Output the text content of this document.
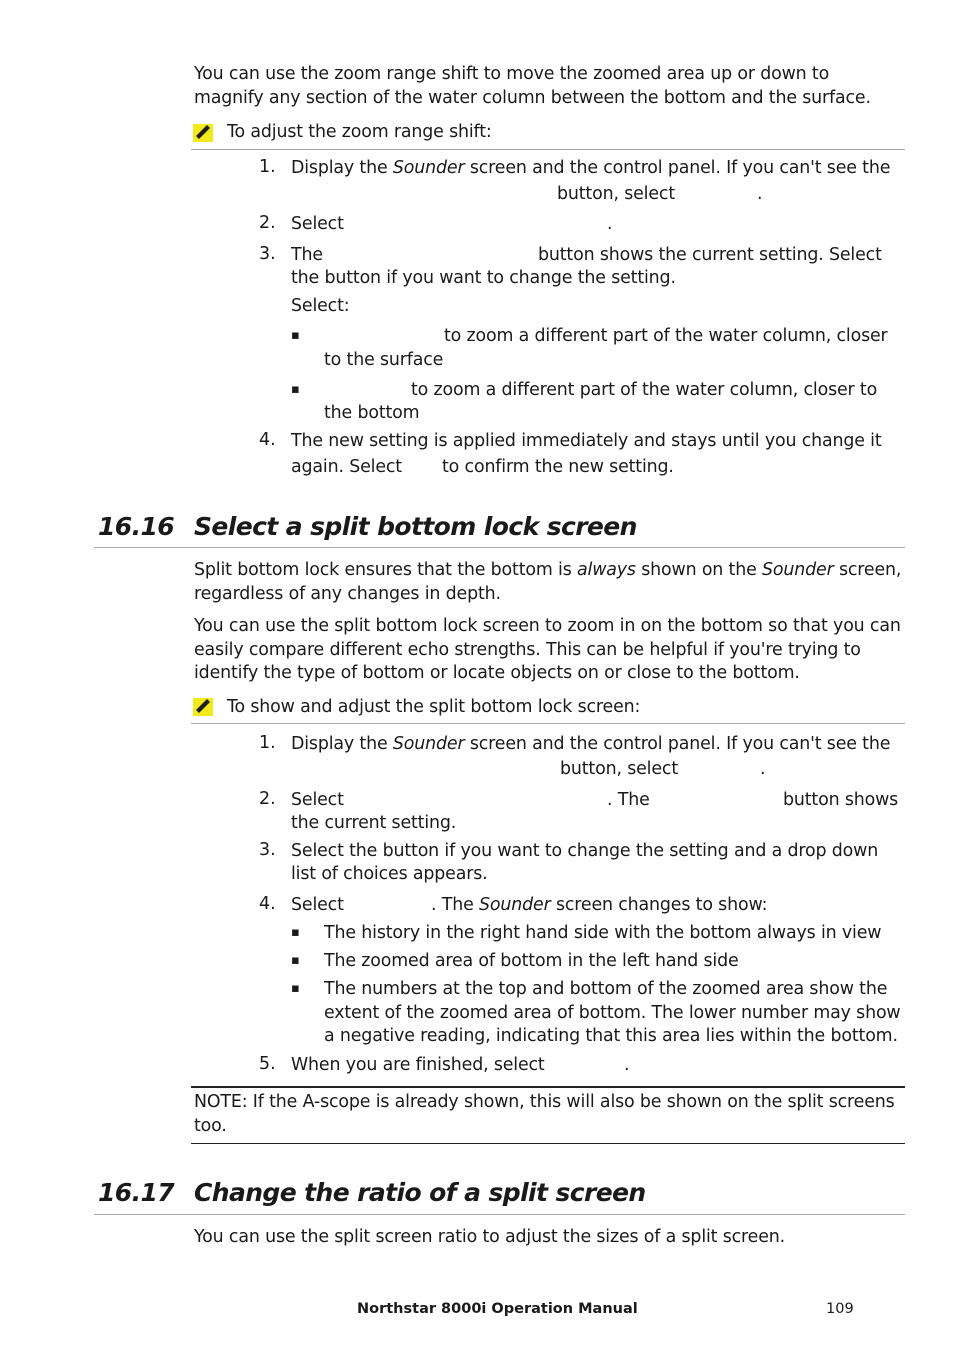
You can use the zoom range shift to move the zoomed area up or down to magnify any section of the water column between the bottom and the surface.
To adjust the zoom range shift:
1. Display the Sounder screen and the control panel. If you can't see the
button, select	.
2. Select	.
3. The	button shows the current setting. Select
the button if you want to change the setting.
Select:
▪	to zoom a different part of the water column, closer
to the surface
▪	to zoom a different part of the water column, closer to
the bottom
4. The new setting is applied immediately and stays until you change it
again. Select to confirm the new setting.
16.16 Select a split bottom lock screen
Split bottom lock ensures that the bottom is always shown on the Sounder screen,
regardless of any changes in depth.
You can use the split bottom lock screen to zoom in on the bottom so that you can easily compare different echo strengths. This can be helpful if you're trying to identify the type of bottom or locate objects on or close to the bottom.
To show and adjust the split bottom lock screen:
1. Display the Sounder screen and the control panel. If you can't see the
button, select	.
2. Select	. The	button shows
the current setting.
3. Select the button if you want to change the setting and a drop down
list of choices appears.
4. Select	. The Sounder screen changes to show:
▪ The history in the right hand side with the bottom always in view
▪ The zoomed area of bottom in the left hand side
▪ The numbers at the top and bottom of the zoomed area show the extent of the zoomed area of bottom. The lower number may show a negative reading, indicating that this area lies within the bottom.
5. When you are finished, select	.
NOTE: If the A-scope is already shown, this will also be shown on the split screens too.
16.17 Change the ratio of a split screen
You can use the split screen ratio to adjust the sizes of a split screen.
Northstar 8000i Operation Manual	109
